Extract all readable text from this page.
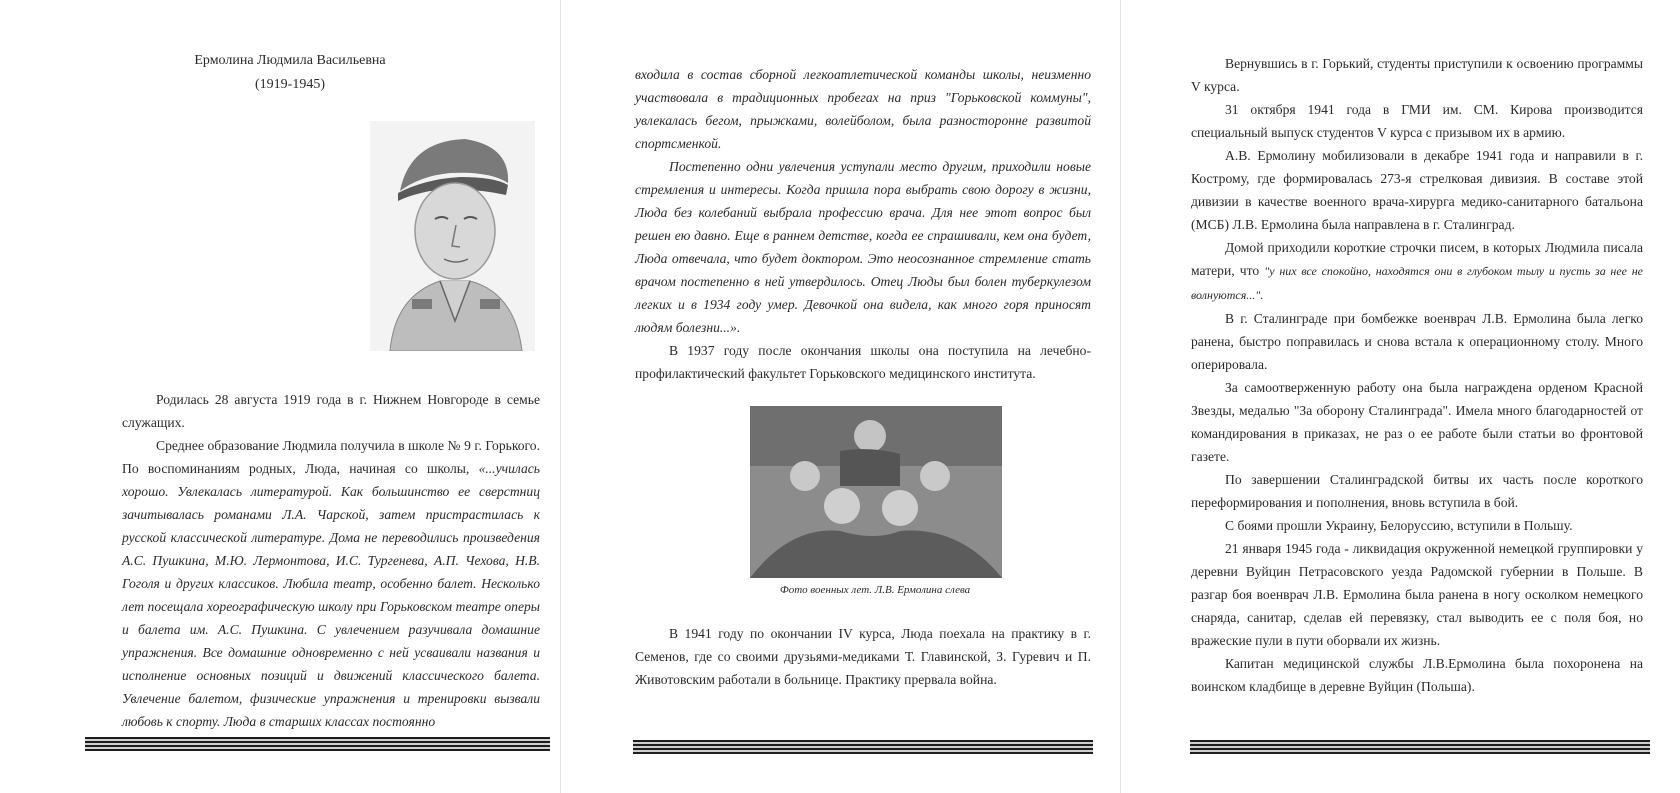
Ермолина Людмила Васильевна
(1919-1945)

Родилась 28 августа 1919 года в г. Нижнем Новгороде в семье служащих.

Среднее образование Людмила получила в школе № 9 г. Горького. По воспоминаниям родных, Люда, начиная со школы, «...училась хорошо. Увлекалась литературой. Как большинство ее сверстниц зачитывалась романами Л.А. Чарской, затем пристрастилась к русской классической литературе. Дома не переводились произведения А.С. Пушкина, М.Ю. Лермонтова, И.С. Тургенева, А.П. Чехова, Н.В. Гоголя и других классиков. Любила театр, особенно балет. Несколько лет посещала хореографическую школу при Горьковском театре оперы и балета им. А.С. Пушкина. С увлечением разучивала домашние упражнения. Все домашние одновременно с ней усваивали названия и исполнение основных позиций и движений классического балета. Увлечение балетом, физические упражнения и тренировки вызвали любовь к спорту. Люда в старших классах постоянно

входила в состав сборной легкоатлетической команды школы, неизменно участвовала в традиционных пробегах на приз "Горьковской коммуны", увлекалась бегом, прыжками, волейболом, была разносторонне развитой спортсменкой.

Постепенно одни увлечения уступали место другим, приходили новые стремления и интересы. Когда пришла пора выбрать свою дорогу в жизни, Люда без колебаний выбрала профессию врача. Для нее этот вопрос был решен ею давно. Еще в раннем детстве, когда ее спрашивали, кем она будет, Люда отвечала, что будет доктором. Это неосознанное стремление стать врачом постепенно в ней утвердилось. Отец Люды был болен туберкулезом легких и в 1934 году умер. Девочкой она видела, как много горя приносят людям болезни...».

В 1937 году после окончания школы она поступила на лечебно-профилактический факультет Горьковского медицинского института.

Фото военных лет. Л.В. Ермолина слева

В 1941 году по окончании IV курса, Люда поехала на практику в г. Семенов, где со своими друзьями-медиками Т. Главинской, З. Гуревич и П. Животовским работали в больнице. Практику прервала война.

Вернувшись в г. Горький, студенты приступили к освоению программы V курса.

31 октября 1941 года в ГМИ им. СМ. Кирова производится специальный выпуск студентов V курса с призывом их в армию.

А.В. Ермолину мобилизовали в декабре 1941 года и направили в г. Кострому, где формировалась 273-я стрелковая дивизия. В составе этой дивизии в качестве военного врача-хирурга медико-санитарного батальона (МСБ) Л.В. Ермолина была направлена в г. Сталинград.

Домой приходили короткие строчки писем, в которых Людмила писала матери, что "у них все спокойно, находятся они в глубоком тылу и пусть за нее не волнуются...".

В г. Сталинграде при бомбежке военврач Л.В. Ермолина была легко ранена, быстро поправилась и снова встала к операционному столу. Много оперировала.

За самоотверженную работу она была награждена орденом Красной Звезды, медалью "За оборону Сталинграда". Имела много благодарностей от командирования в приказах, не раз о ее работе были статьи во фронтовой газете.

По завершении Сталинградской битвы их часть после короткого переформирования и пополнения, вновь вступила в бой.

С боями прошли Украину, Белоруссию, вступили в Польшу.

21 января 1945 года - ликвидация окруженной немецкой группировки у деревни Вуйцин Петрасовского уезда Радомской губернии в Польше. В разгар боя военврач Л.В. Ермолина была ранена в ногу осколком немецкого снаряда, санитар, сделав ей перевязку, стал выводить ее с поля боя, но вражеские пули в пути оборвали их жизнь.

Капитан медицинской службы Л.В.Ермолина была похоронена на воинском кладбище в деревне Вуйцин (Польша).
